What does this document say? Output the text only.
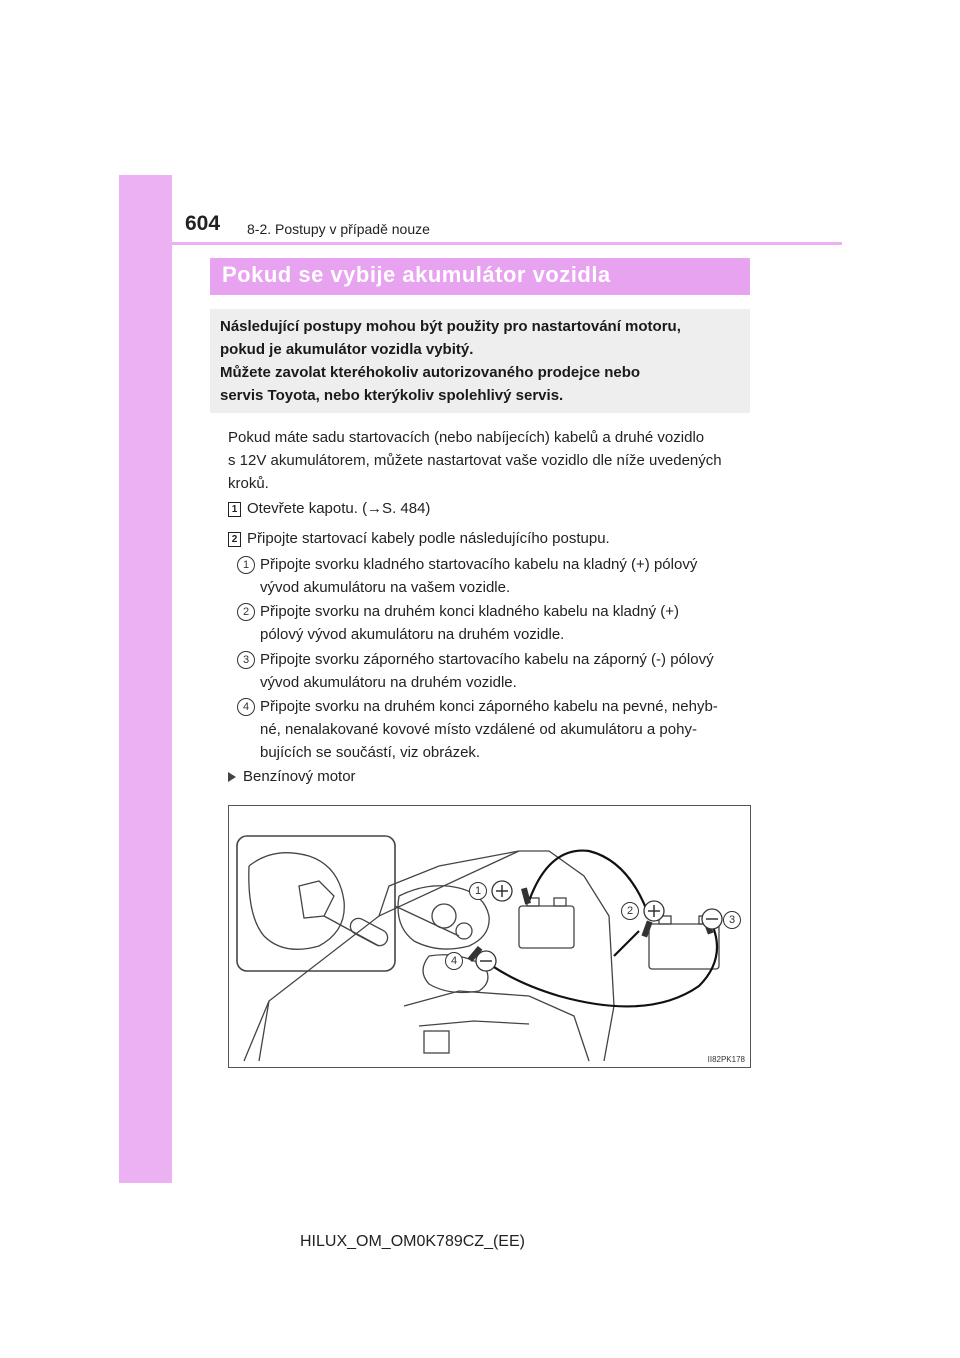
604 8-2. Postupy v případě nouze
Pokud se vybije akumulátor vozidla
Následující postupy mohou být použity pro nastartování motoru,
pokud je akumulátor vozidla vybitý.
Můžete zavolat kteréhokoliv autorizovaného prodejce nebo
servis Toyota, nebo kterýkoliv spolehlivý servis.
Pokud máte sadu startovacích (nebo nabíjecích) kabelů a druhé vozidlo
s 12V akumulátorem, můžete nastartovat vaše vozidlo dle níže uvedených
kroků.
1 Otevřete kapotu. (→S. 484)
2 Připojte startovací kabely podle následujícího postupu.
1 Připojte svorku kladného startovacího kabelu na kladný (+) pólový
vývod akumulátoru na vašem vozidle.
2 Připojte svorku na druhém konci kladného kabelu na kladný (+)
pólový vývod akumulátoru na druhém vozidle.
3 Připojte svorku záporného startovacího kabelu na záporný (-) pólový
vývod akumulátoru na druhém vozidle.
4 Připojte svorku na druhém konci záporného kabelu na pevné, nehyb-
né, nenalakované kovové místo vzdálené od akumulátoru a pohy-
bujících se součástí, viz obrázek.
Benzínový motor
1
2
3
4
II82PK178
HILUX_OM_OM0K789CZ_(EE)
